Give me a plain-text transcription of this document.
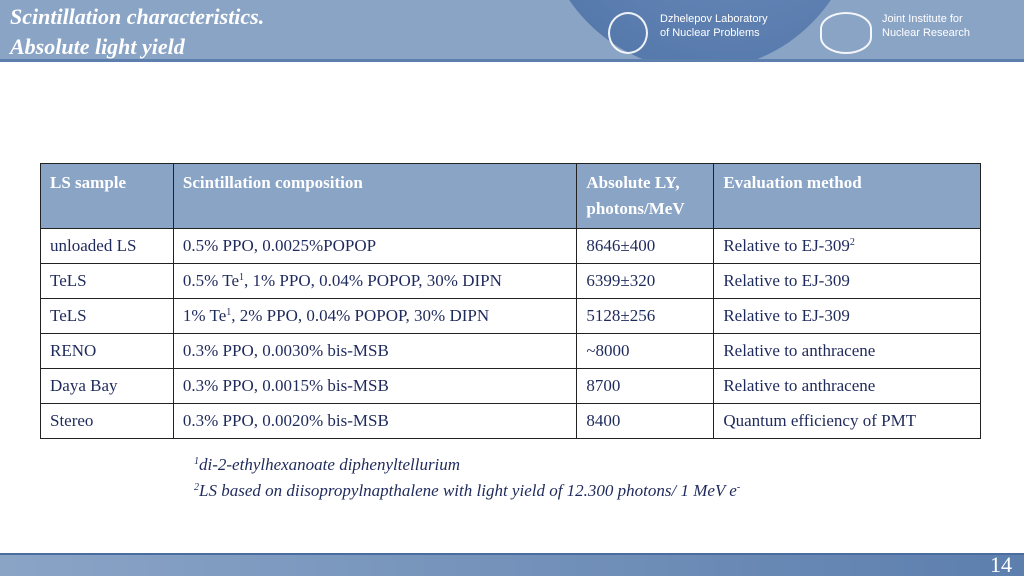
Scintillation characteristics.
Absolute light yield
Dzhelepov Laboratory
of Nuclear Problems
Joint Institute for
Nuclear Research
LS sample	Scintillation composition	Absolute LY, photons/MeV	Evaluation method
unloaded LS	0.5% PPO, 0.0025%POPOP	8646±400	Relative to $EJ-309^2$
TeLS	0.5% Te$^1$, 1% PPO, 0.04% POPOP, 30% DIPN	6399±320	Relative to EJ-309
TeLS	1% Te$^1$, 2% PPO, 0.04% POPOP, 30% DIPN	5128±256	Relative to EJ-309
RENO	0.3% PPO, 0.0030% bis-MSB	~8000	Relative to anthracene
Daya Bay	0.3% PPO, 0.0015% bis-MSB	8700	Relative to anthracene
Stereo	0.3% PPO, 0.0020% bis-MSB	8400	Quantum efficiency of PMT
$^1$di-2-ethylhexanoate diphenyltellurium
$^2$LS based on diisopropylnapthalene with light yield of 12.300 photons/ 1 MeV e-
14
